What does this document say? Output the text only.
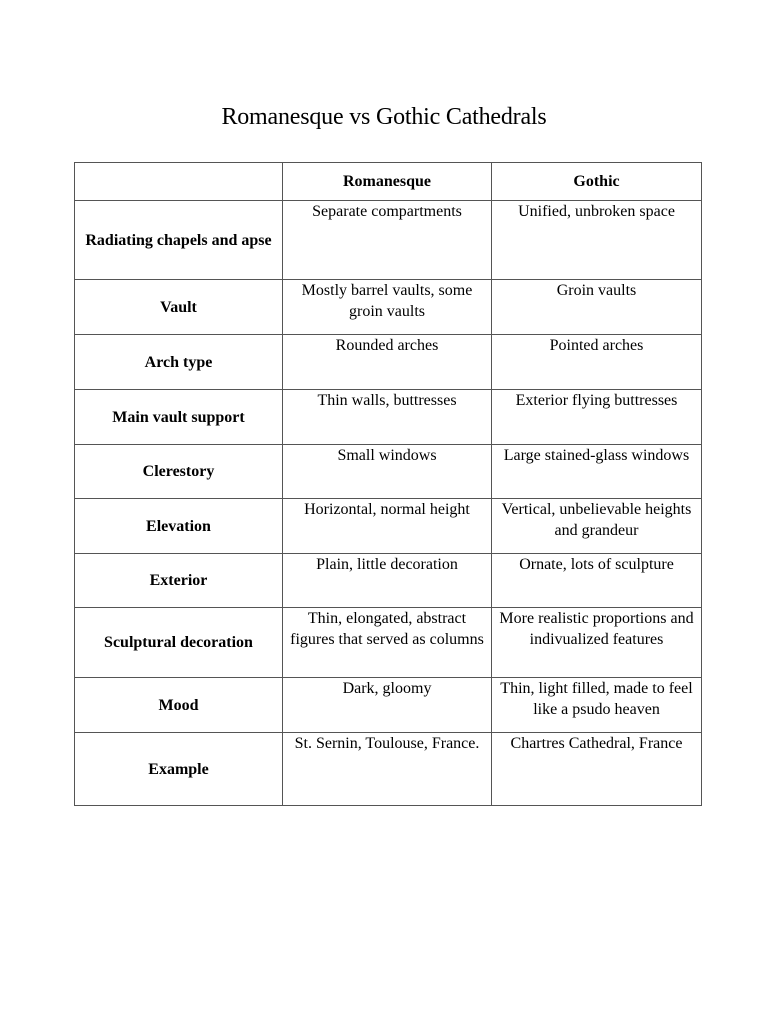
Romanesque vs Gothic Cathedrals
	Romanesque	Gothic
Radiating chapels and apse	Separate compartments	Unified, unbroken space
Vault	Mostly barrel vaults, some groin vaults	Groin vaults
Arch type	Rounded arches	Pointed arches
Main vault support	Thin walls, buttresses	Exterior flying buttresses
Clerestory	Small windows	Large stained-glass windows
Elevation	Horizontal, normal height	Vertical, unbelievable heights and grandeur
Exterior	Plain, little decoration	Ornate, lots of sculpture
Sculptural decoration	Thin, elongated, abstract figures that served as columns	More realistic proportions and indivualized features
Mood	Dark, gloomy	Thin, light filled, made to feel like a psudo heaven
Example	St. Sernin, Toulouse, France.	Chartres Cathedral, France
